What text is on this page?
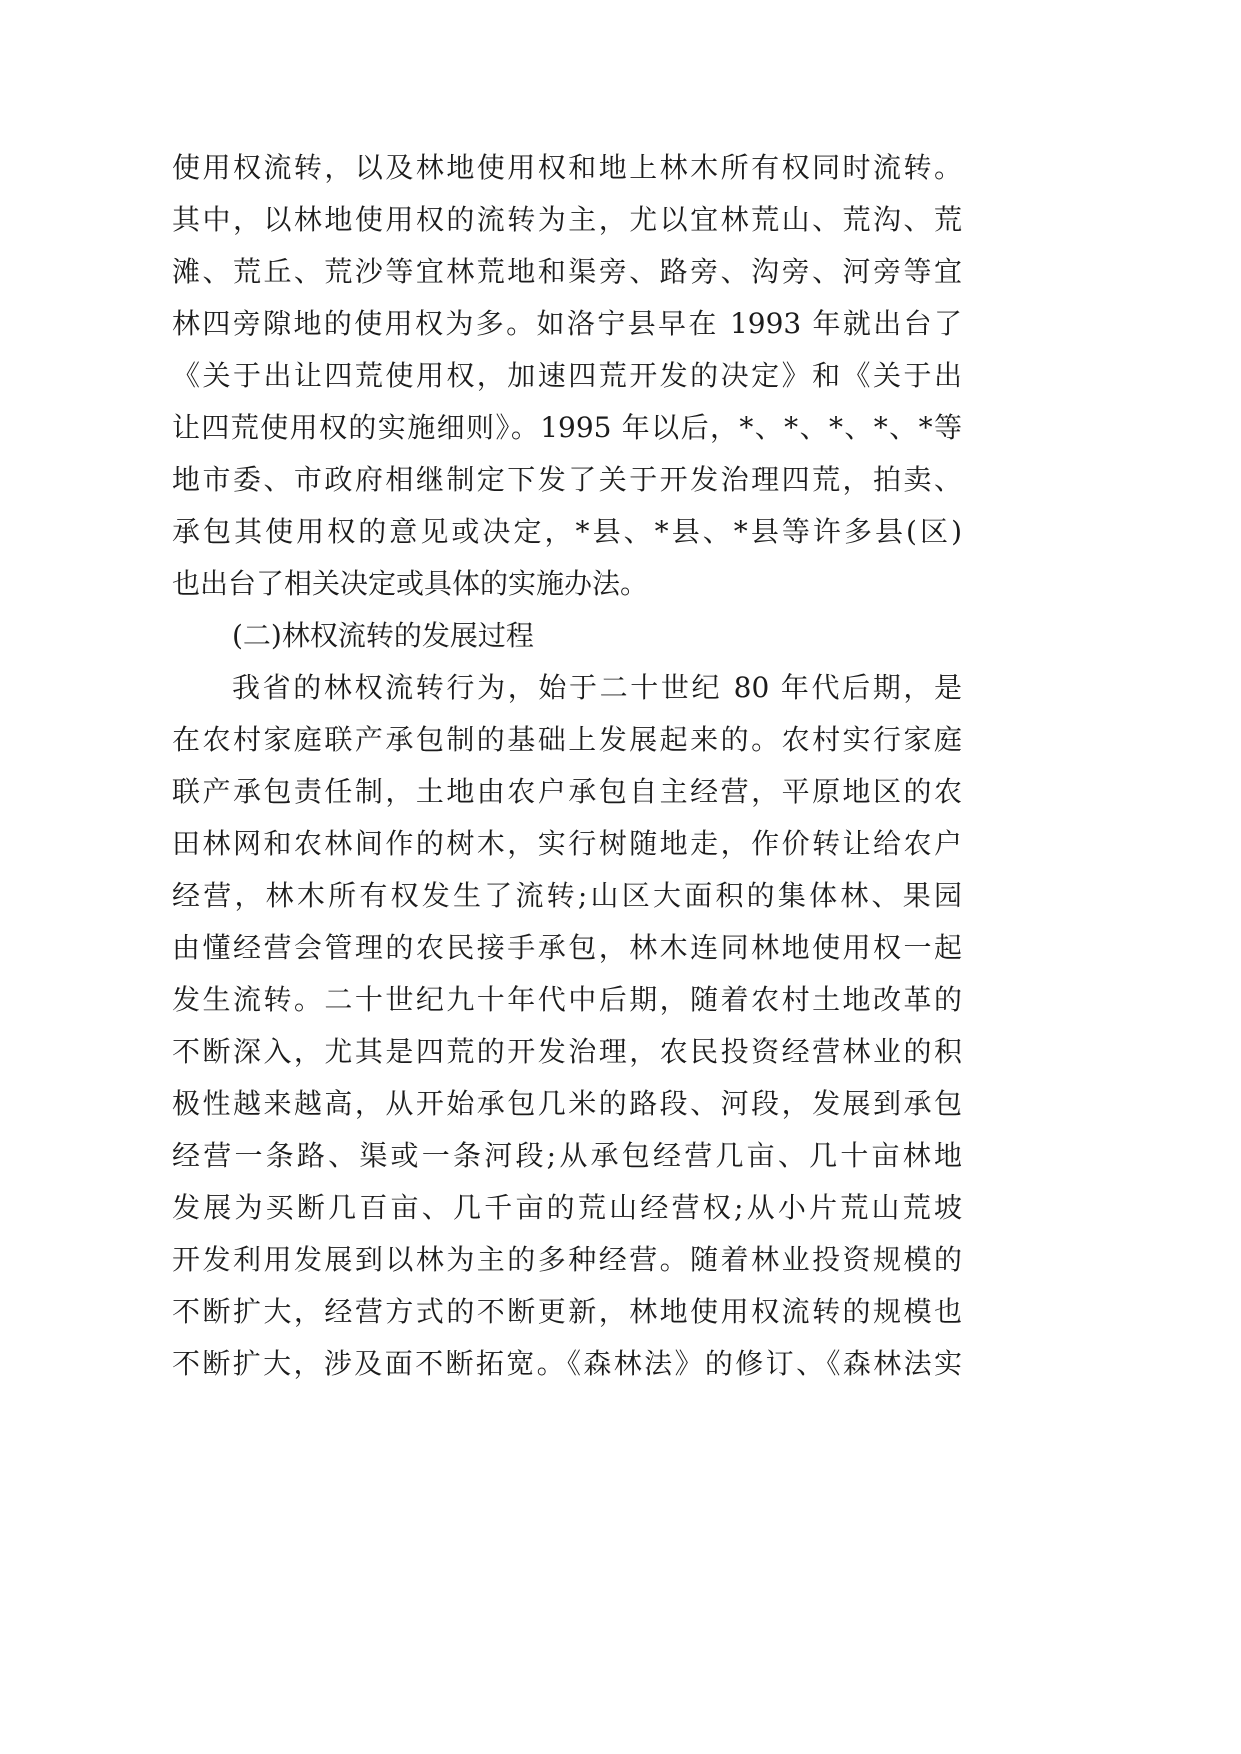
使用权流转，以及林地使用权和地上林木所有权同时流转。
其中，以林地使用权的流转为主，尤以宜林荒山、荒沟、荒
滩、荒丘、荒沙等宜林荒地和渠旁、路旁、沟旁、河旁等宜
林四旁隙地的使用权为多。如洛宁县早在 1993 年就出台了
《关于出让四荒使用权，加速四荒开发的决定》和《关于出
让四荒使用权的实施细则》。1995 年以后，*、*、*、*、*等
地市委、市政府相继制定下发了关于开发治理四荒，拍卖、
承包其使用权的意见或决定，*县、*县、*县等许多县(区)
也出台了相关决定或具体的实施办法。
(二)林权流转的发展过程
我省的林权流转行为，始于二十世纪 80 年代后期，是
在农村家庭联产承包制的基础上发展起来的。农村实行家庭
联产承包责任制，土地由农户承包自主经营，平原地区的农
田林网和农林间作的树木，实行树随地走，作价转让给农户
经营，林木所有权发生了流转;山区大面积的集体林、果园
由懂经营会管理的农民接手承包，林木连同林地使用权一起
发生流转。二十世纪九十年代中后期，随着农村土地改革的
不断深入，尤其是四荒的开发治理，农民投资经营林业的积
极性越来越高，从开始承包几米的路段、河段，发展到承包
经营一条路、渠或一条河段;从承包经营几亩、几十亩林地
发展为买断几百亩、几千亩的荒山经营权;从小片荒山荒坡
开发利用发展到以林为主的多种经营。随着林业投资规模的
不断扩大，经营方式的不断更新，林地使用权流转的规模也
不断扩大，涉及面不断拓宽。《森林法》的修订、《森林法实
